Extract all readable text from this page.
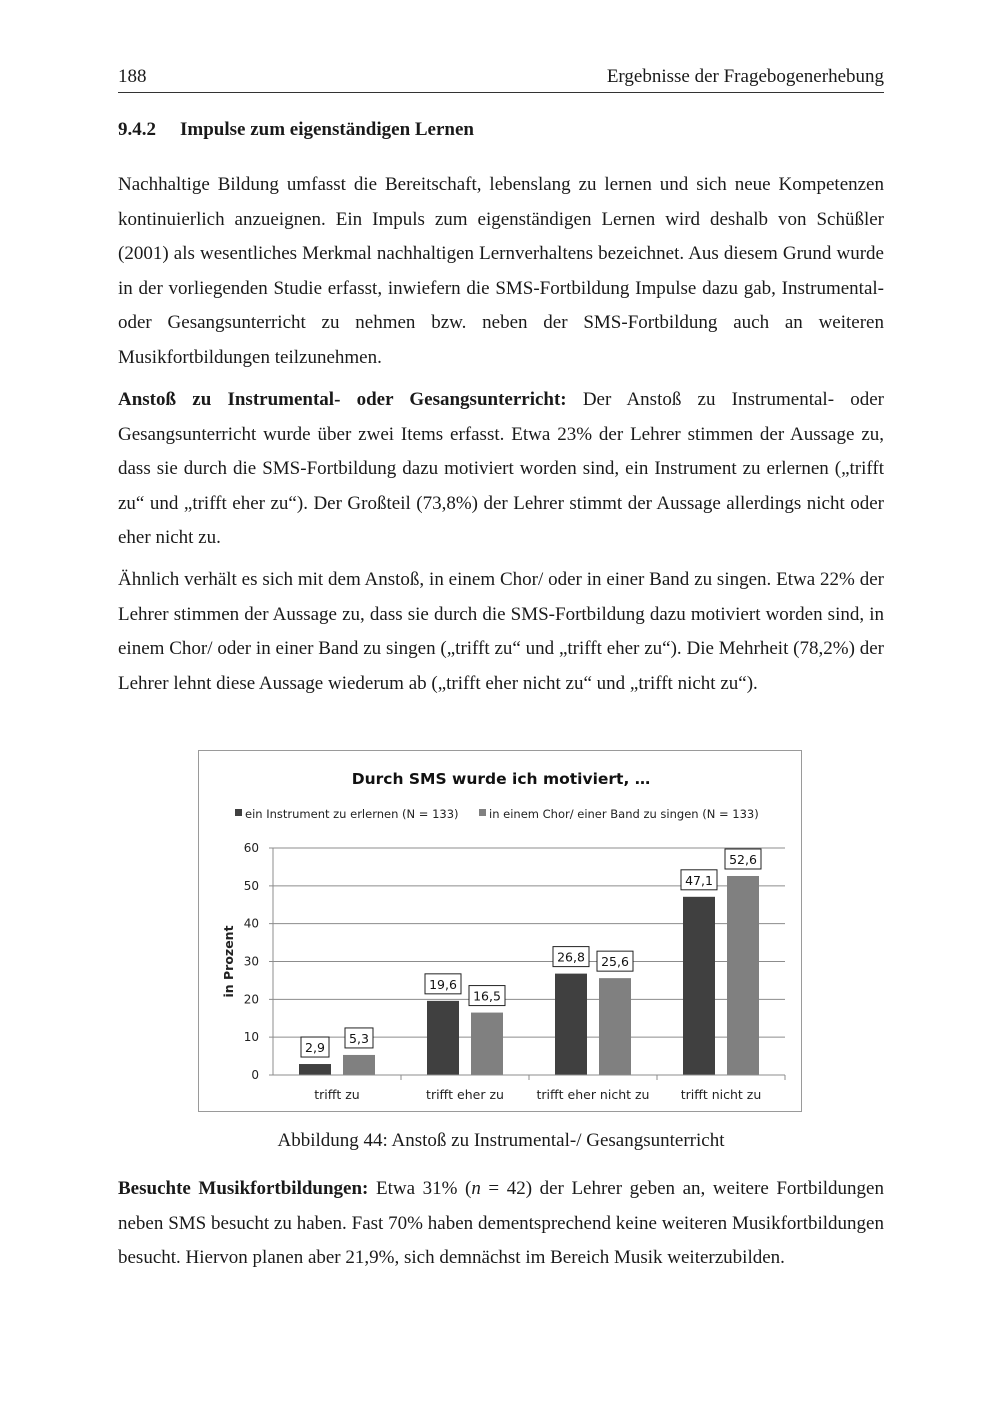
188	Ergebnisse der Fragebogenerhebung
9.4.2 Impulse zum eigenständigen Lernen

Nachhaltige Bildung umfasst die Bereitschaft, lebenslang zu lernen und sich neue Kompetenzen kontinuierlich anzueignen. Ein Impuls zum eigenständigen Lernen wird deshalb von Schüßler (2001) als wesentliches Merkmal nachhaltigen Lernverhaltens bezeichnet. Aus diesem Grund wurde in der vorliegenden Studie erfasst, inwiefern die SMS-Fortbildung Impulse dazu gab, Instrumental- oder Gesangsunterricht zu nehmen bzw. neben der SMS-Fortbildung auch an weiteren Musikfortbildungen teilzunehmen.

Anstoß zu Instrumental- oder Gesangsunterricht: Der Anstoß zu Instrumental- oder Gesangsunterricht wurde über zwei Items erfasst. Etwa 23% der Lehrer stimmen der Aussage zu, dass sie durch die SMS-Fortbildung dazu motiviert worden sind, ein Instrument zu erlernen („trifft zu“ und „trifft eher zu“). Der Großteil (73,8%) der Lehrer stimmt der Aussage allerdings nicht oder eher nicht zu.

Ähnlich verhält es sich mit dem Anstoß, in einem Chor/ oder in einer Band zu singen. Etwa 22% der Lehrer stimmen der Aussage zu, dass sie durch die SMS-Fortbildung dazu motiviert worden sind, in einem Chor/ oder in einer Band zu singen („trifft zu“ und „trifft eher zu“). Die Mehrheit (78,2%) der Lehrer lehnt diese Aussage wiederum ab („trifft eher nicht zu“ und „trifft nicht zu“).

Durch SMS wurde ich motiviert, …
ein Instrument zu erlernen (N = 133)	in einem Chor/ einer Band zu singen (N = 133)
0
10
20
30
40
50
60
in Prozent
2,9
5,3
trifft zu
19,6
16,5
trifft eher zu
26,8 25,6
trifft eher nicht zu
47,1
52,6
trifft nicht zu
Abbildung 44: Anstoß zu Instrumental-/ Gesangsunterricht

Besuchte Musikfortbildungen: Etwa 31% (n = 42) der Lehrer geben an, weitere Fortbildungen neben SMS besucht zu haben. Fast 70% haben dementsprechend keine weiteren Musikfortbildungen besucht. Hiervon planen aber 21,9%, sich demnächst im Bereich Musik weiterzubilden.
